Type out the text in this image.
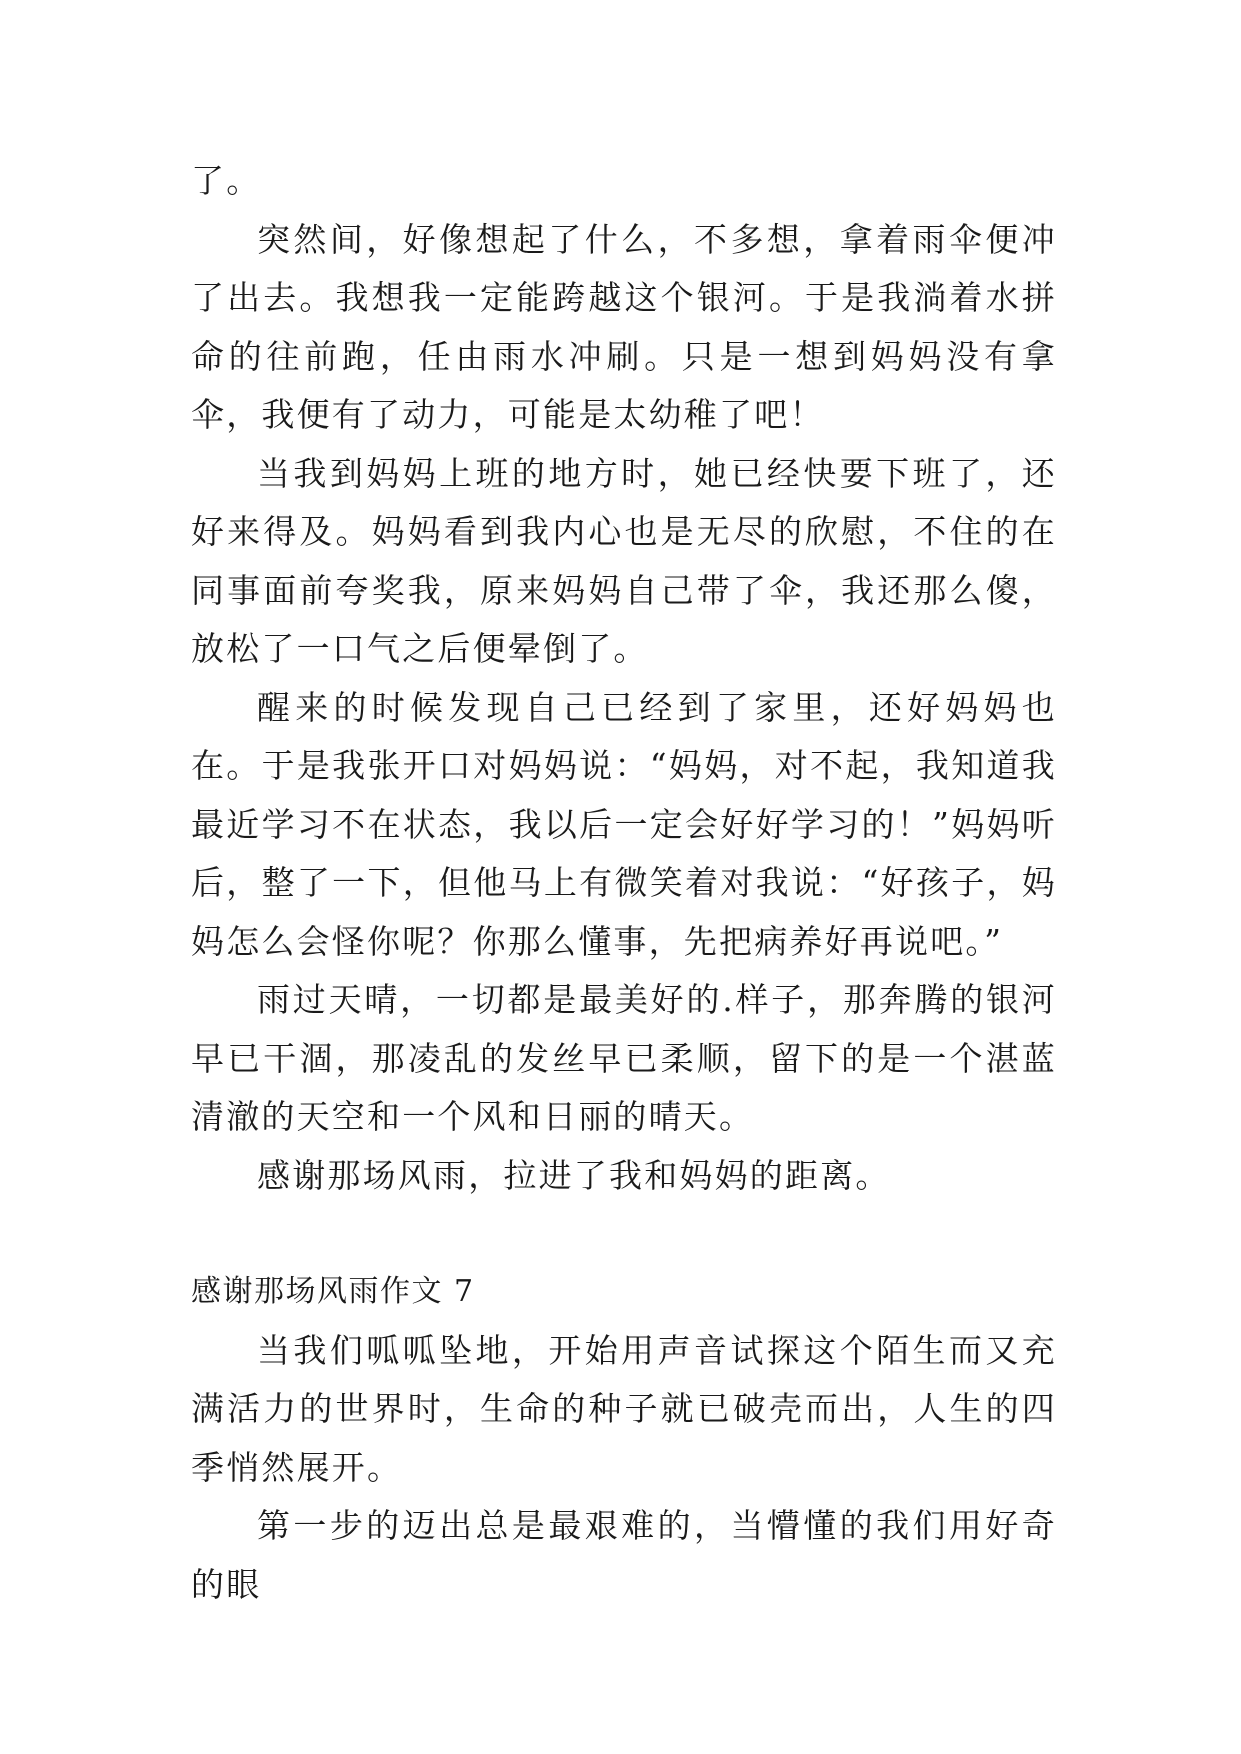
了。

突然间，好像想起了什么，不多想，拿着雨伞便冲了出去。我想我一定能跨越这个银河。于是我淌着水拼命的往前跑，任由雨水冲刷。只是一想到妈妈没有拿伞，我便有了动力，可能是太幼稚了吧！

当我到妈妈上班的地方时，她已经快要下班了，还好来得及。妈妈看到我内心也是无尽的欣慰，不住的在同事面前夸奖我，原来妈妈自己带了伞，我还那么傻，放松了一口气之后便晕倒了。

醒来的时候发现自己已经到了家里，还好妈妈也在。于是我张开口对妈妈说：“妈妈，对不起，我知道我最近学习不在状态，我以后一定会好好学习的！”妈妈听后，整了一下，但他马上有微笑着对我说：“好孩子，妈妈怎么会怪你呢？你那么懂事，先把病养好再说吧。”

雨过天晴，一切都是最美好的.样子，那奔腾的银河早已干涸，那凌乱的发丝早已柔顺，留下的是一个湛蓝清澈的天空和一个风和日丽的晴天。

感谢那场风雨，拉进了我和妈妈的距离。

感谢那场风雨作文 7

当我们呱呱坠地，开始用声音试探这个陌生而又充满活力的世界时，生命的种子就已破壳而出，人生的四季悄然展开。

第一步的迈出总是最艰难的，当懵懂的我们用好奇的眼
